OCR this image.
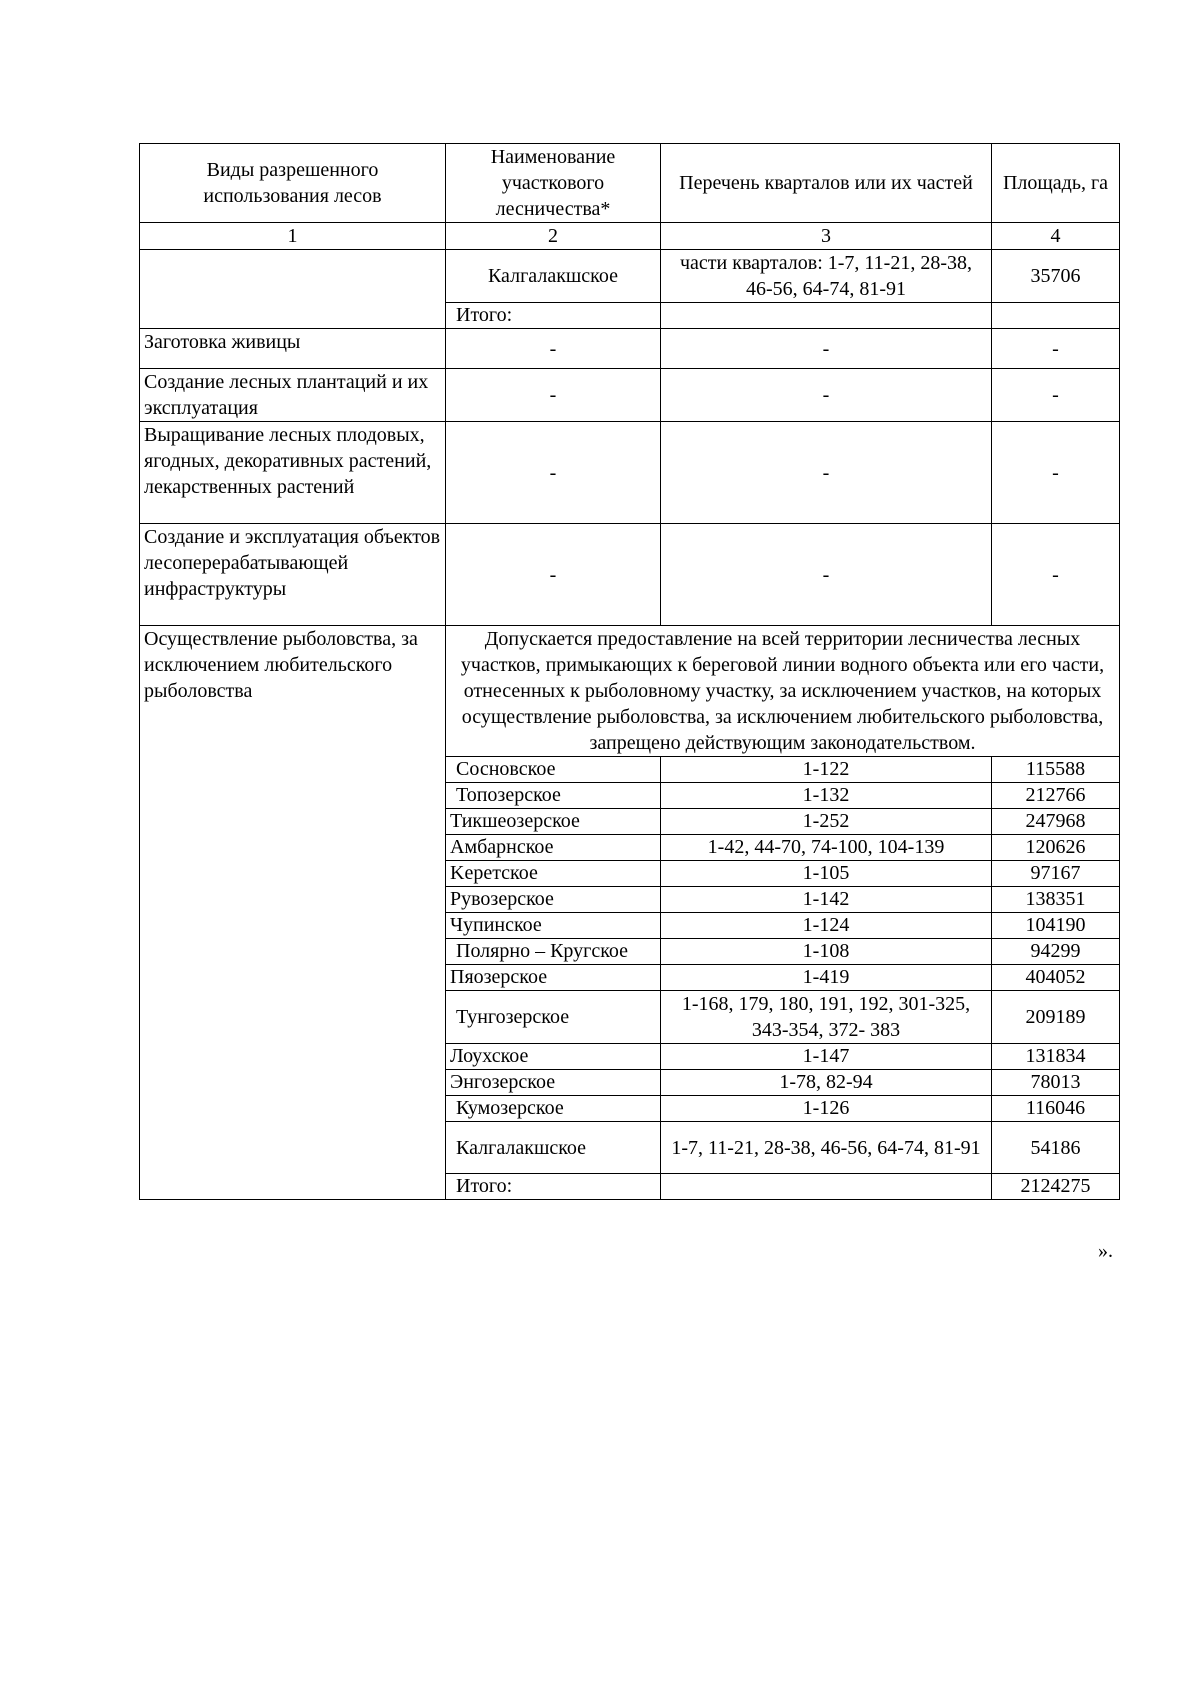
Виды разрешенного использования лесов	Наименование участкового лесничества*	Перечень кварталов или их частей	Площадь, га
1	2	3	4
	Калгалакшское	части кварталов: 1-7, 11-21, 28-38, 46-56, 64-74, 81-91	35706
	Итого:		
Заготовка живицы	-	-	-
Создание лесных плантаций и их эксплуатация	-	-	-
Выращивание лесных плодовых, ягодных, декоративных растений, лекарственных растений	-	-	-
Создание и эксплуатация объектов лесоперерабатывающей инфраструктуры	-	-	-
Осуществление рыболовства, за исключением любительского рыболовства	Допускается предоставление на всей территории лесничества лесных участков, примыкающих к береговой линии водного объекта или его части, отнесенных к рыболовному участку, за исключением участков, на которых осуществление рыболовства, за исключением любительского рыболовства, запрещено действующим законодательством.		
	Сосновское	1-122	115588
	Топозерское	1-132	212766
	Тикшеозерское	1-252	247968
	Амбарнское	1-42, 44-70, 74-100, 104-139	120626
	Keретское	1-105	97167
	Рувозерское	1-142	138351
	Чупинское	1-124	104190
	Полярно – Кругское	1-108	94299
	Пяозерское	1-419	404052
	Тунгозерское	1-168, 179, 180, 191, 192, 301-325, 343-354, 372- 383	209189
	Лоухское	1-147	131834
	Энгозерское	1-78, 82-94	78013
	Кумозерское	1-126	116046
	Калгалакшское	1-7, 11-21, 28-38, 46-56, 64-74, 81-91	54186
	Итого:		2124275
».
